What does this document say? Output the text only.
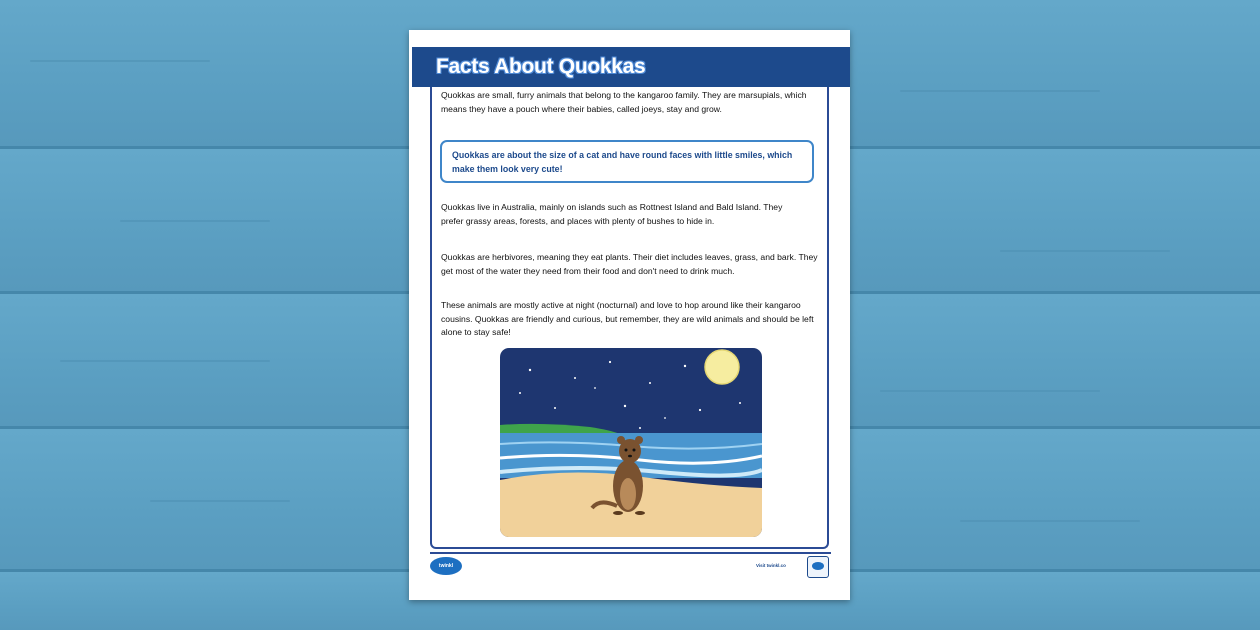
Facts About Quokkas

Quokkas are small, furry animals that belong to the kangaroo family. They are marsupials, which means they have a pouch where their babies, called joeys, stay and grow.

Quokkas are about the size of a cat and have round faces with little smiles, which make them look very cute!

Quokkas live in Australia, mainly on islands such as Rottnest Island and Bald Island. They prefer grassy areas, forests, and places with plenty of bushes to hide in.

Quokkas are herbivores, meaning they eat plants. Their diet includes leaves, grass, and bark. They get most of the water they need from their food and don't need to drink much.

These animals are mostly active at night (nocturnal) and love to hop around like their kangaroo cousins. Quokkas are friendly and curious, but remember, they are wild animals and should be left alone to stay safe!

twinkl	Visit twinkl.co
